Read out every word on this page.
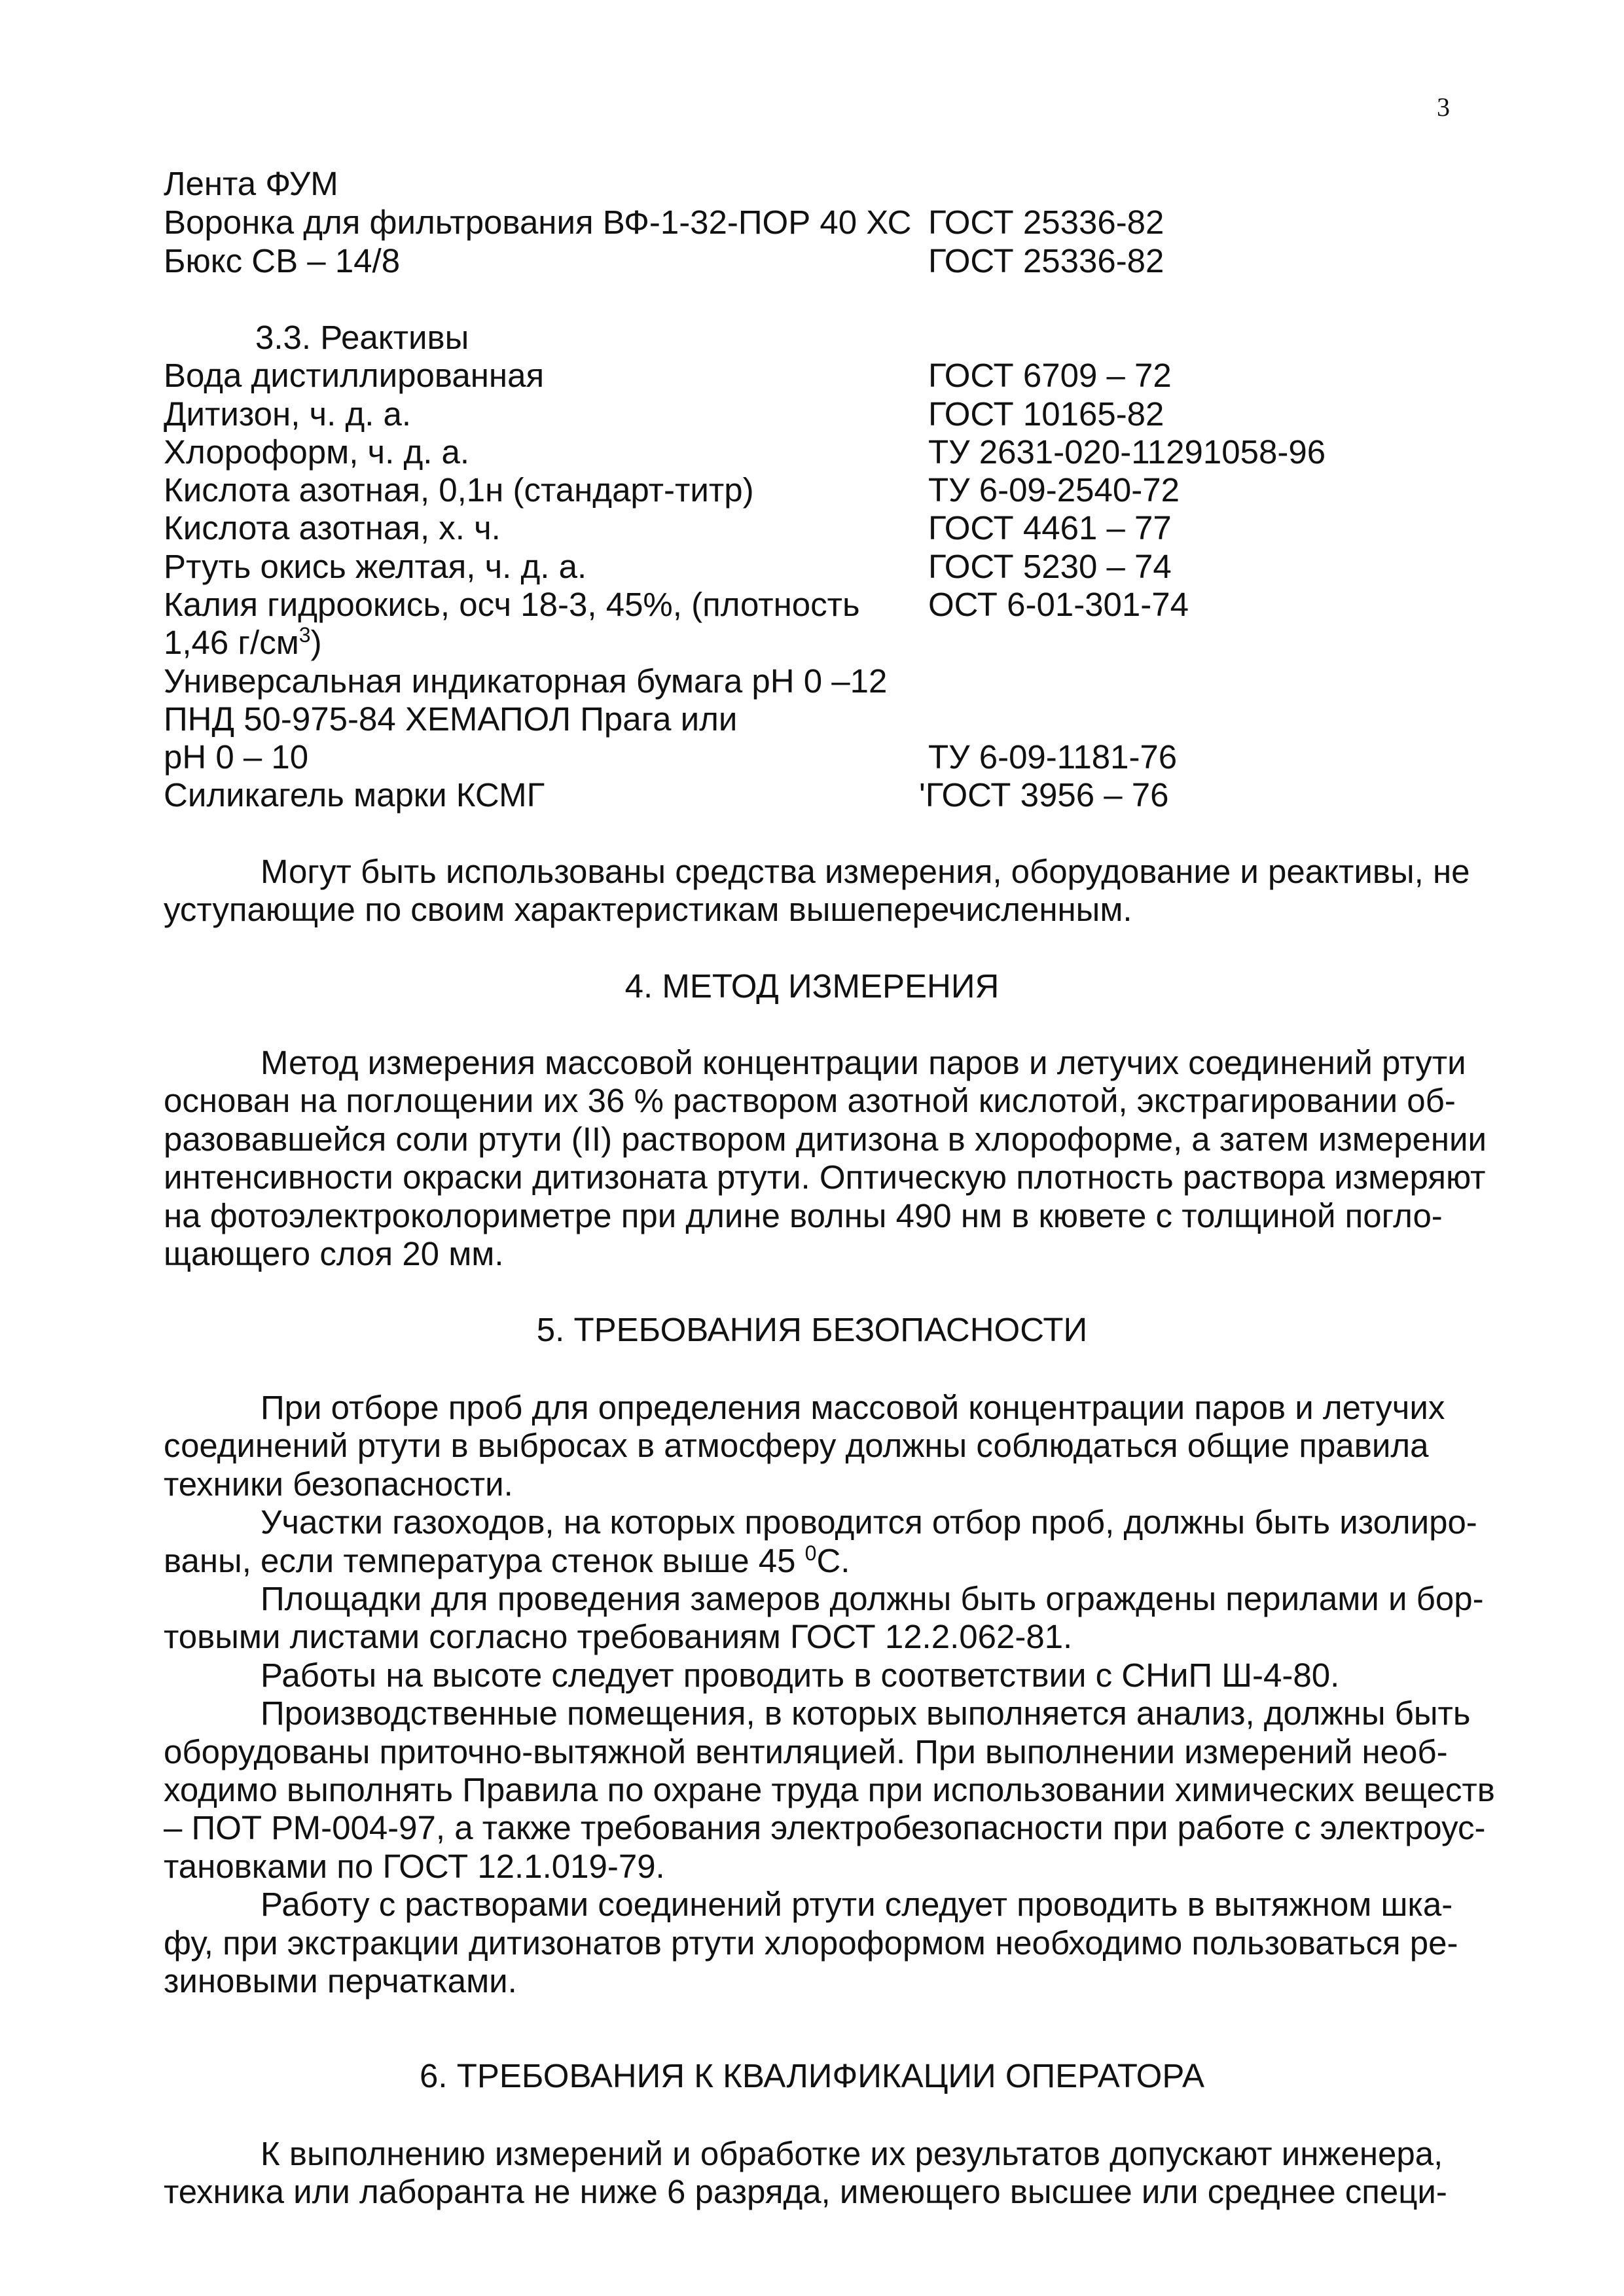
3
Лента ФУМ
Воронка для фильтрования ВФ-1-32-ПОР 40 ХС ГОСТ 25336-82
Бюкс СВ – 14/8	ГОСТ 25336-82
3.3. Реактивы
Вода дистиллированная	ГОСТ 6709 – 72
Дитизон, ч. д. а.	ГОСТ 10165-82
Хлороформ, ч. д. а.	ТУ 2631-020-11291058-96
Кислота азотная, 0,1н (стандарт-титр)	ТУ 6-09-2540-72
Кислота азотная, х. ч.	ГОСТ 4461 – 77
Ртуть окись желтая, ч. д. а.	ГОСТ 5230 – 74
Калия гидроокись, осч 18-3, 45%, (плотность ОСТ 6-01-301-74
1,46 $г/см^3$)
Универсальная индикаторная бумага рН 0 –12
ПНД 50-975-84 ХЕМАПОЛ Прага или
рН 0 – 10	ТУ 6-09-1181-76
Силикагель марки КСМГ	'ГОСТ 3956 – 76
Могут быть использованы средства измерения, оборудование и реактивы, не
уступающие по своим характеристикам вышеперечисленным.
4. МЕТОД ИЗМЕРЕНИЯ
Метод измерения массовой концентрации паров и летучих соединений ртути
основан на поглощении их 36 % раствором азотной кислотой, экстрагировании об-
разовавшейся соли ртути (II) раствором дитизона в хлороформе, а затем измерении
интенсивности окраски дитизоната ртути. Оптическую плотность раствора измеряют
на фотоэлектроколориметре при длине волны 490 нм в кювете с толщиной погло-
щающего слоя 20 мм.
5. ТРЕБОВАНИЯ БЕЗОПАСНОСТИ
При отборе проб для определения массовой концентрации паров и летучих
соединений ртути в выбросах в атмосферу должны соблюдаться общие правила
техники безопасности.
Участки газоходов, на которых проводится отбор проб, должны быть изолиро-
ваны, если температура стенок выше 45 $^0$С.
Площадки для проведения замеров должны быть ограждены перилами и бор-
товыми листами согласно требованиям ГОСТ 12.2.062-81.
Работы на высоте следует проводить в соответствии с СНиП Ш-4-80.
Производственные помещения, в которых выполняется анализ, должны быть
оборудованы приточно-вытяжной вентиляцией. При выполнении измерений необ-
ходимо выполнять Правила по охране труда при использовании химических веществ
– ПОТ РМ-004-97, а также требования электробезопасности при работе с электроус-
тановками по ГОСТ 12.1.019-79.
Работу с растворами соединений ртути следует проводить в вытяжном шка-
фу, при экстракции дитизонатов ртути хлороформом необходимо пользоваться ре-
зиновыми перчатками.
6. ТРЕБОВАНИЯ К КВАЛИФИКАЦИИ ОПЕРАТОРА
К выполнению измерений и обработке их результатов допускают инженера,
техника или лаборанта не ниже 6 разряда, имеющего высшее или среднее специ-
